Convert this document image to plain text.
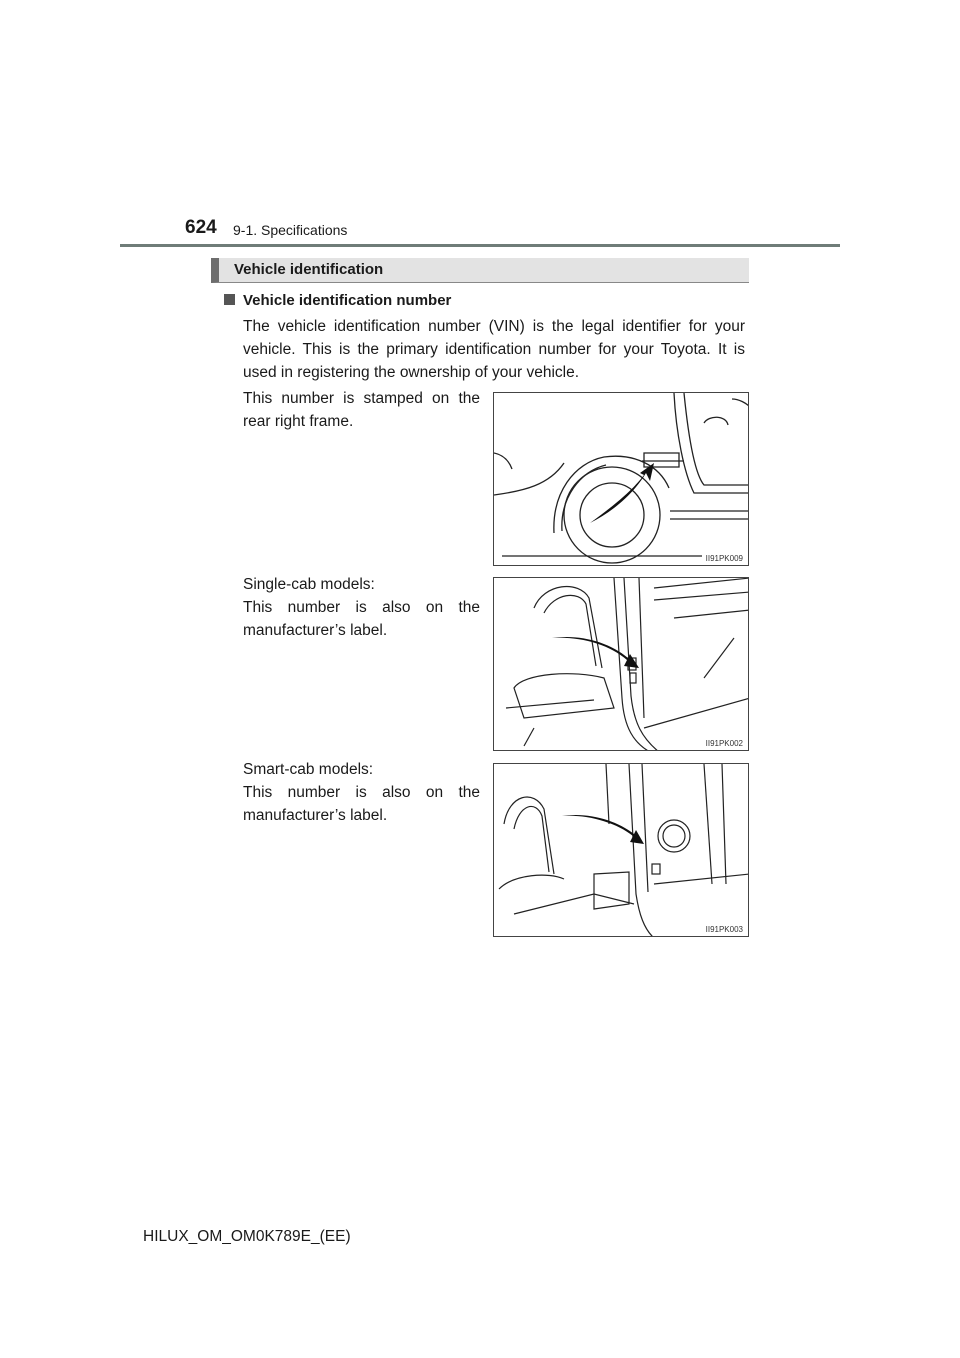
624 9-1. Specifications
Vehicle identification
Vehicle identification number
The vehicle identification number (VIN) is the legal identifier for your vehicle. This is the primary identification number for your Toyota. It is used in registering the ownership of your vehicle.
This number is stamped on the
rear right frame.
II91PK009
Single-cab models:
This number is also on the
manufacturer’s label.
II91PK002
Smart-cab models:
This number is also on the
manufacturer’s label.
II91PK003
HILUX_OM_OM0K789E_(EE)
